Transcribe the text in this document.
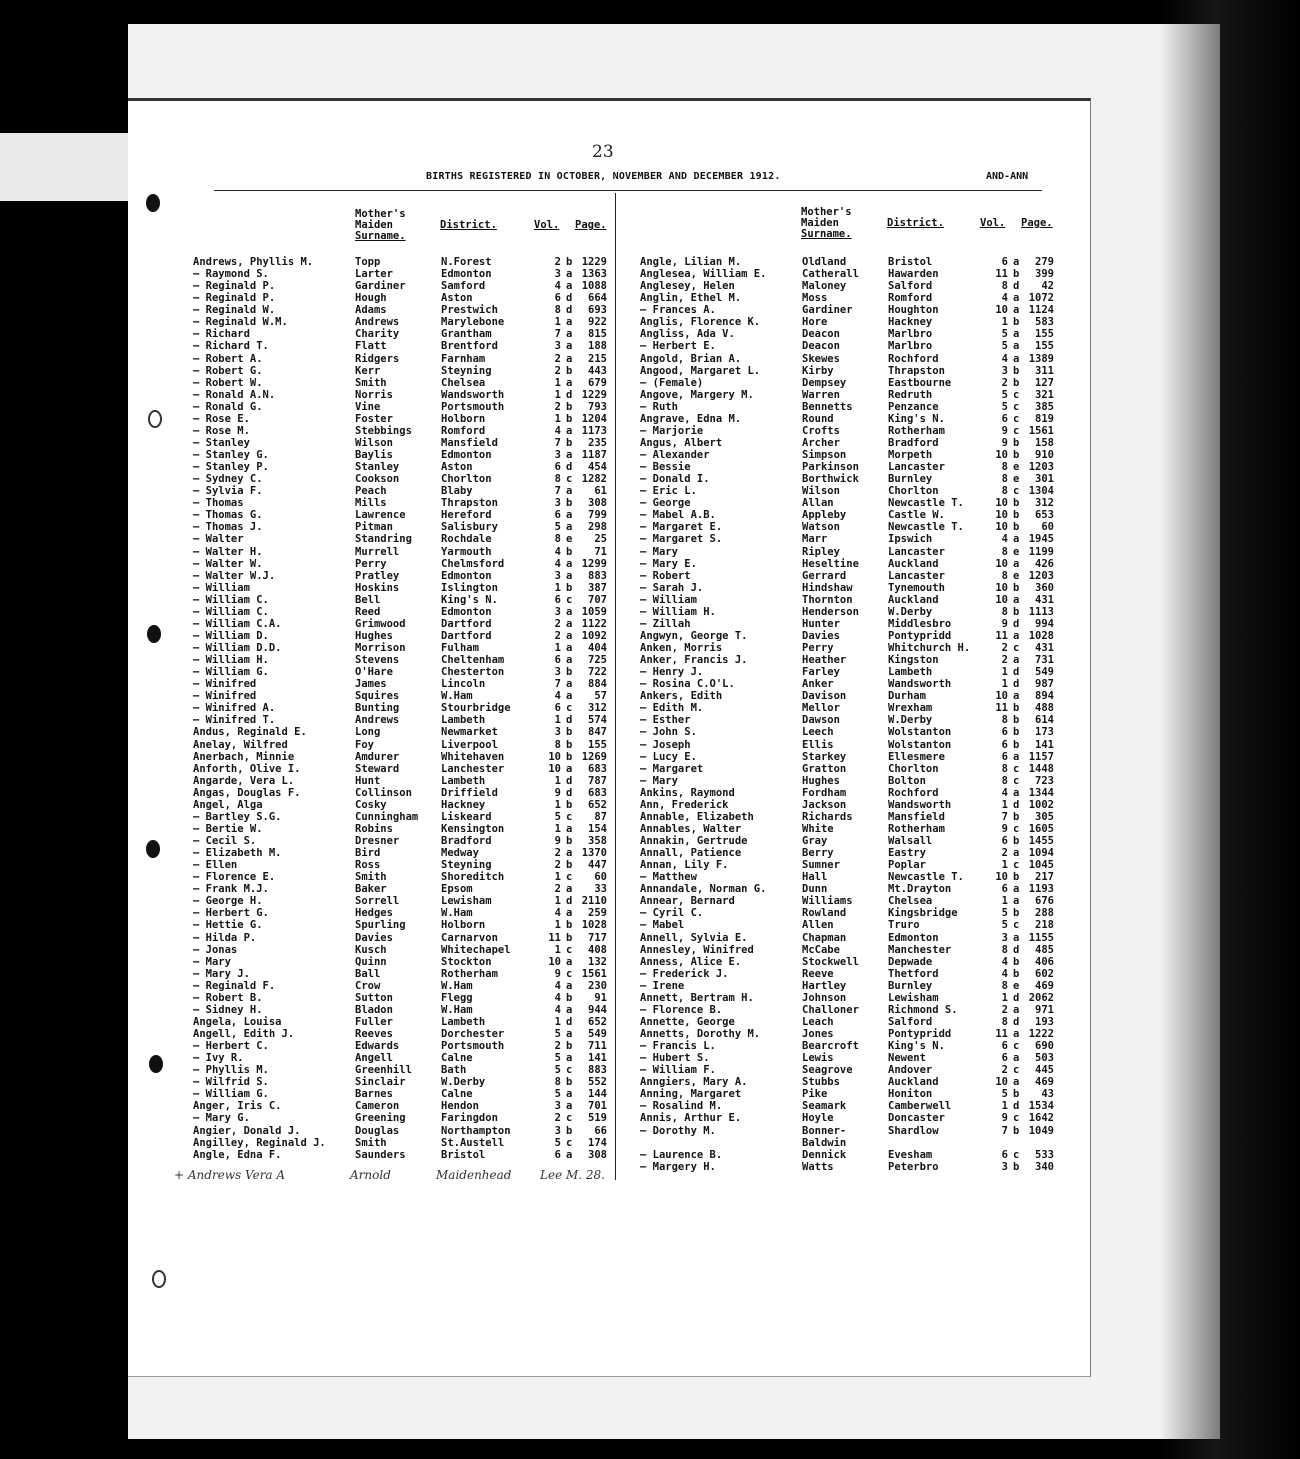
23
BIRTHS REGISTERED IN OCTOBER, NOVEMBER AND DECEMBER 1912.	AND-ANN
Mother's
Maiden
Surname.
District.	Vol. Page.
Mother's
Maiden
Surname.
District.	Vol. Page.
Andrews, Phyllis M.	Topp	N.Forest	2 b 1229
— Raymond S.	Larter	Edmonton	3 a 1363
— Reginald P.	Gardiner	Samford	4 a 1088
— Reginald P.	Hough	Aston	6 d	664
— Reginald W.	Adams	Prestwich	8 d	693
— Reginald W.M.	Andrews	Marylebone	1 a	922
— Richard	Charity	Grantham	7 a	815
— Richard T.	Flatt	Brentford	3 a	188
— Robert A.	Ridgers	Farnham	2 a	215
— Robert G.	Kerr	Steyning	2 b	443
— Robert W.	Smith	Chelsea	1 a	679
— Ronald A.N.	Norris	Wandsworth	1 d 1229
— Ronald G.	Vine	Portsmouth	2 b	793
— Rose E.	Foster	Holborn	1 b 1204
— Rose M.	Stebbings	Romford	4 a 1173
— Stanley	Wilson	Mansfield	7 b	235
— Stanley G.	Baylis	Edmonton	3 a 1187
— Stanley P.	Stanley	Aston	6 d	454
— Sydney C.	Cookson	Chorlton	8 c 1282
— Sylvia F.	Peach	Blaby	7 a	61
— Thomas	Mills	Thrapston	3 b	308
— Thomas G.	Lawrence	Hereford	6 a	799
— Thomas J.	Pitman	Salisbury	5 a	298
— Walter	Standring	Rochdale	8 e	25
— Walter H.	Murrell	Yarmouth	4 b	71
— Walter W.	Perry	Chelmsford	4 a 1299
— Walter W.J.	Pratley	Edmonton	3 a	883
— William	Hoskins	Islington	1 b	387
— William C.	Bell	King's N.	6 c	707
— William C.	Reed	Edmonton	3 a 1059
— William C.A.	Grimwood	Dartford	2 a 1122
— William D.	Hughes	Dartford	2 a 1092
— William D.D.	Morrison	Fulham	1 a	404
— William H.	Stevens	Cheltenham	6 a	725
— William G.	O'Hare	Chesterton	3 b	722
— Winifred	James	Lincoln	7 a	884
— Winifred	Squires	W.Ham	4 a	57
— Winifred A.	Bunting	Stourbridge	6 c	312
— Winifred T.	Andrews	Lambeth	1 d	574
Andus, Reginald E.	Long	Newmarket	3 b	847
Anelay, Wilfred	Foy	Liverpool	8 b	155
Anerbach, Minnie	Amdurer	Whitehaven	10 b 1269
Anforth, Olive I.	Steward	Lanchester	10 a	683
Angarde, Vera L.	Hunt	Lambeth	1 d	787
Angas, Douglas F.	Collinson	Driffield	9 d	683
Angel, Alga	Cosky	Hackney	1 b	652
— Bartley S.G.	Cunningham Liskeard	5 c	87
— Bertie W.	Robins	Kensington	1 a	154
— Cecil S.	Dresner	Bradford	9 b	358
— Elizabeth M.	Bird	Medway	2 a 1370
— Ellen	Ross	Steyning	2 b	447
— Florence E.	Smith	Shoreditch	1 c	60
— Frank M.J.	Baker	Epsom	2 a	33
— George H.	Sorrell	Lewisham	1 d 2110
— Herbert G.	Hedges	W.Ham	4 a	259
— Hettie G.	Spurling	Holborn	1 b 1028
— Hilda P.	Davies	Carnarvon	11 b	717
— Jonas	Kusch	Whitechapel	1 c	408
— Mary	Quinn	Stockton	10 a	132
— Mary J.	Ball	Rotherham	9 c 1561
— Reginald F.	Crow	W.Ham	4 a	230
— Robert B.	Sutton	Flegg	4 b	91
— Sidney H.	Bladon	W.Ham	4 a	944
Angela, Louisa	Fuller	Lambeth	1 d	652
Angell, Edith J.	Reeves	Dorchester	5 a	549
— Herbert C.	Edwards	Portsmouth	2 b	711
— Ivy R.	Angell	Calne	5 a	141
— Phyllis M.	Greenhill	Bath	5 c	883
— Wilfrid S.	Sinclair	W.Derby	8 b	552
— William G.	Barnes	Calne	5 a	144
Anger, Iris C.	Cameron	Hendon	3 a	701
— Mary G.	Greening	Faringdon	2 c	519
Angier, Donald J.	Douglas	Northampton	3 b	66
Angilley, Reginald J.	Smith	St.Austell	5 c	174
Angle, Edna F.	Saunders	Bristol	6 a	308
Angle, Lilian M.	Oldland	Bristol	6 a	279
Anglesea, William E.	Catherall	Hawarden	11 b	399
Anglesey, Helen	Maloney	Salford	8 d	42
Anglin, Ethel M.	Moss	Romford	4 a 1072
— Frances A.	Gardiner	Houghton	10 a 1124
Anglis, Florence K.	Hore	Hackney	1 b	583
Angliss, Ada V.	Deacon	Marlbro	5 a	155
— Herbert E.	Deacon	Marlbro	5 a	155
Angold, Brian A.	Skewes	Rochford	4 a 1389
Angood, Margaret L.	Kirby	Thrapston	3 b	311
— (Female)	Dempsey	Eastbourne	2 b	127
Angove, Margery M.	Warren	Redruth	5 c	321
— Ruth	Bennetts	Penzance	5 c	385
Angrave, Edna M.	Round	King's N.	6 c	819
— Marjorie	Crofts	Rotherham	9 c 1561
Angus, Albert	Archer	Bradford	9 b	158
— Alexander	Simpson	Morpeth	10 b	910
— Bessie	Parkinson	Lancaster	8 e 1203
— Donald I.	Borthwick	Burnley	8 e	301
— Eric L.	Wilson	Chorlton	8 c 1304
— George	Allan	Newcastle T.	10 b	312
— Mabel A.B.	Appleby	Castle W.	10 b	653
— Margaret E.	Watson	Newcastle T.	10 b	60
— Margaret S.	Marr	Ipswich	4 a 1945
— Mary	Ripley	Lancaster	8 e 1199
— Mary E.	Heseltine	Auckland	10 a	426
— Robert	Gerrard	Lancaster	8 e 1203
— Sarah J.	Hindshaw	Tynemouth	10 b	360
— William	Thornton	Auckland	10 a	431
— William H.	Henderson	W.Derby	8 b 1113
— Zillah	Hunter	Middlesbro	9 d	994
Angwyn, George T.	Davies	Pontypridd	11 a 1028
Anken, Morris	Perry	Whitchurch H.	2 c	431
Anker, Francis J.	Heather	Kingston	2 a	731
— Henry J.	Farley	Lambeth	1 d	549
— Rosina C.O'L.	Anker	Wandsworth	1 d	987
Ankers, Edith	Davison	Durham	10 a	894
— Edith M.	Mellor	Wrexham	11 b	488
— Esther	Dawson	W.Derby	8 b	614
— John S.	Leech	Wolstanton	6 b	173
— Joseph	Ellis	Wolstanton	6 b	141
— Lucy E.	Starkey	Ellesmere	6 a 1157
— Margaret	Gratton	Chorlton	8 c 1448
— Mary	Hughes	Bolton	8 c	723
Ankins, Raymond	Fordham	Rochford	4 a 1344
Ann, Frederick	Jackson	Wandsworth	1 d 1002
Annable, Elizabeth	Richards	Mansfield	7 b	305
Annables, Walter	White	Rotherham	9 c 1605
Annakin, Gertrude	Gray	Walsall	6 b 1455
Annall, Patience	Berry	Eastry	2 a 1094
Annan, Lily F.	Sumner	Poplar	1 c 1045
— Matthew	Hall	Newcastle T.	10 b	217
Annandale, Norman G.	Dunn	Mt.Drayton	6 a 1193
Annear, Bernard	Williams	Chelsea	1 a	676
— Cyril C.	Rowland	Kingsbridge	5 b	288
— Mabel	Allen	Truro	5 c	218
Annell, Sylvia E.	Chapman	Edmonton	3 a 1155
Annesley, Winifred	McCabe	Manchester	8 d	485
Anness, Alice E.	Stockwell	Depwade	4 b	406
— Frederick J.	Reeve	Thetford	4 b	602
— Irene	Hartley	Burnley	8 e	469
Annett, Bertram H.	Johnson	Lewisham	1 d 2062
— Florence B.	Challoner	Richmond S.	2 a	971
Annette, George	Leach	Salford	8 d	193
Annetts, Dorothy M.	Jones	Pontypridd	11 a 1222
— Francis L.	Bearcroft	King's N.	6 c	690
— Hubert S.	Lewis	Newent	6 a	503
— William F.	Seagrove	Andover	2 c	445
Anngiers, Mary A.	Stubbs	Auckland	10 a	469
Anning, Margaret	Pike	Honiton	5 b	43
— Rosalind M.	Seamark	Camberwell	1 d 1534
Annis, Arthur E.	Hoyle	Doncaster	9 c 1642
— Dorothy M.	Bonner-	Shardlow	7 b 1049
Baldwin
— Laurence B.	Dennick	Evesham	6 c	533
— Margery H.	Watts	Peterbro	3 b	340
+ Andrews Vera A	Arnold	Maidenhead Lee M. 28.
